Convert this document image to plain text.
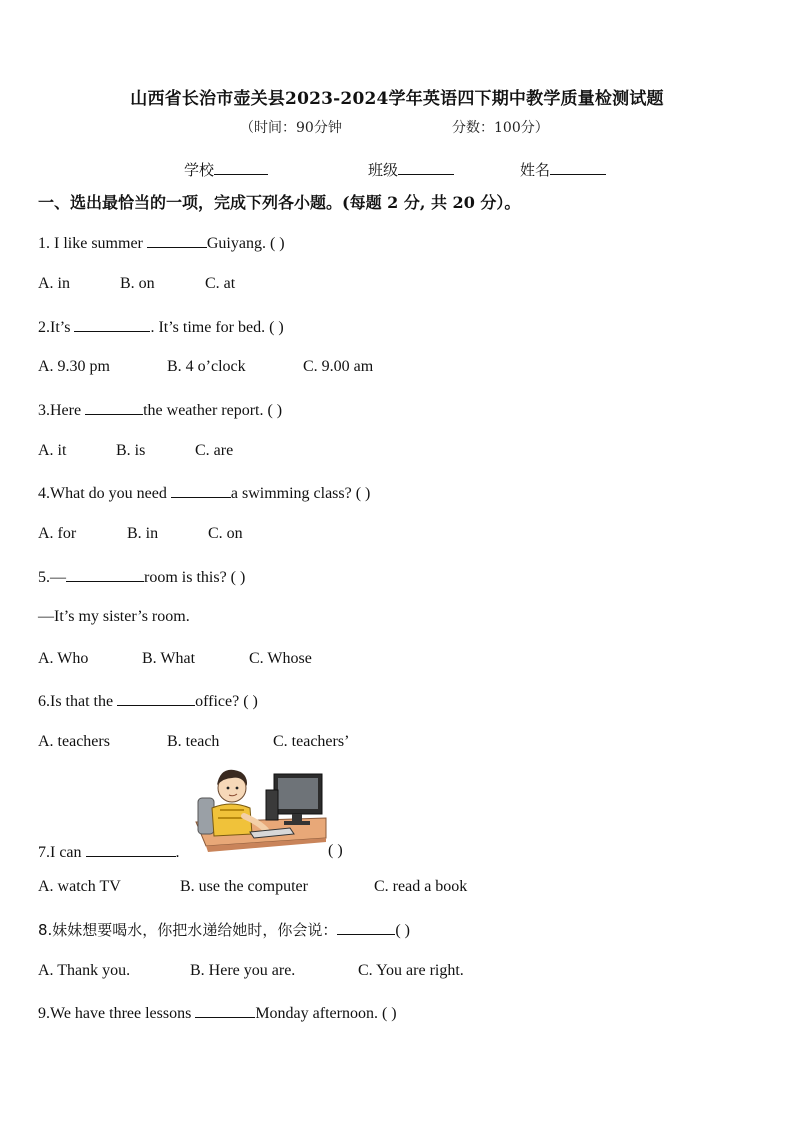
山西省长治市壶关县2023-2024学年英语四下期中教学质量检测试题
（时间：90分钟	分数：100分）
学校	班级	姓名
一、选出最恰当的一项，完成下列各小题。(每题 2 分, 共 20 分）。
1. I like summer	Guiyang. ( )
A. in	B. on	C. at
2.It’s	. It’s time for bed. ( )
A. 9.30 pm	B. 4 o’clock	C. 9.00 am
3.Here	the weather report. ( )
A. it	B. is	C. are
4.What do you need	a swimming class? ( )
A. for	B. in	C. on
5.—	room is this? ( )
—It’s my sister’s room.
A. Who	B. What	C. Whose
6.Is that the	office? ( )
A. teachers	B. teach	C. teachers’
7.I can	.	( )
A. watch TV	B. use the computer	C. read a book
8.妹妹想要喝水，你把水递给她时，你会说：	( )
A. Thank you.	B. Here you are.	C. You are right.
9.We have three lessons	Monday afternoon. ( )
